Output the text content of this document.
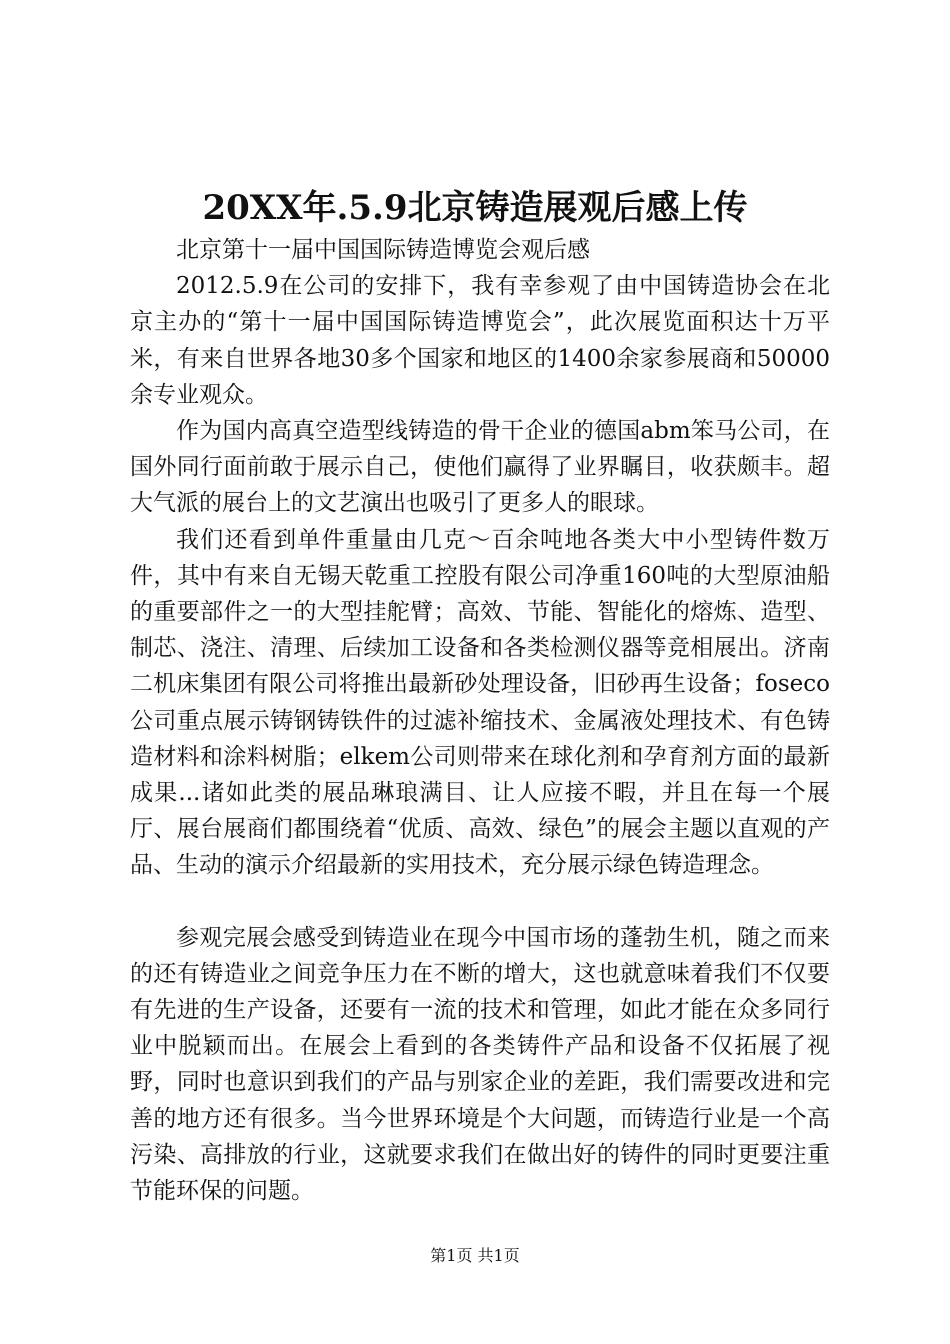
20XX年.5.9北京铸造展观后感上传

北京第十一届中国国际铸造博览会观后感

2012.5.9在公司的安排下，我有幸参观了由中国铸造协会在北京主办的“第十一届中国国际铸造博览会”，此次展览面积达十万平米，有来自世界各地30多个国家和地区的1400余家参展商和50000余专业观众。

作为国内高真空造型线铸造的骨干企业的德国abm笨马公司，在国外同行面前敢于展示自己，使他们赢得了业界瞩目，收获颇丰。超大气派的展台上的文艺演出也吸引了更多人的眼球。

我们还看到单件重量由几克～百余吨地各类大中小型铸件数万件，其中有来自无锡天乾重工控股有限公司净重160吨的大型原油船的重要部件之一的大型挂舵臂；高效、节能、智能化的熔炼、造型、制芯、浇注、清理、后续加工设备和各类检测仪器等竞相展出。济南二机床集团有限公司将推出最新砂处理设备，旧砂再生设备；foseco公司重点展示铸钢铸铁件的过滤补缩技术、金属液处理技术、有色铸造材料和涂料树脂；elkem公司则带来在球化剂和孕育剂方面的最新成果...诸如此类的展品琳琅满目、让人应接不暇，并且在每一个展厅、展台展商们都围绕着“优质、高效、绿色”的展会主题以直观的产品、生动的演示介绍最新的实用技术，充分展示绿色铸造理念。

参观完展会感受到铸造业在现今中国市场的蓬勃生机，随之而来的还有铸造业之间竞争压力在不断的增大，这也就意味着我们不仅要有先进的生产设备，还要有一流的技术和管理，如此才能在众多同行业中脱颖而出。在展会上看到的各类铸件产品和设备不仅拓展了视野，同时也意识到我们的产品与别家企业的差距，我们需要改进和完善的地方还有很多。当今世界环境是个大问题，而铸造行业是一个高污染、高排放的行业，这就要求我们在做出好的铸件的同时更要注重节能环保的问题。

第1页 共1页
